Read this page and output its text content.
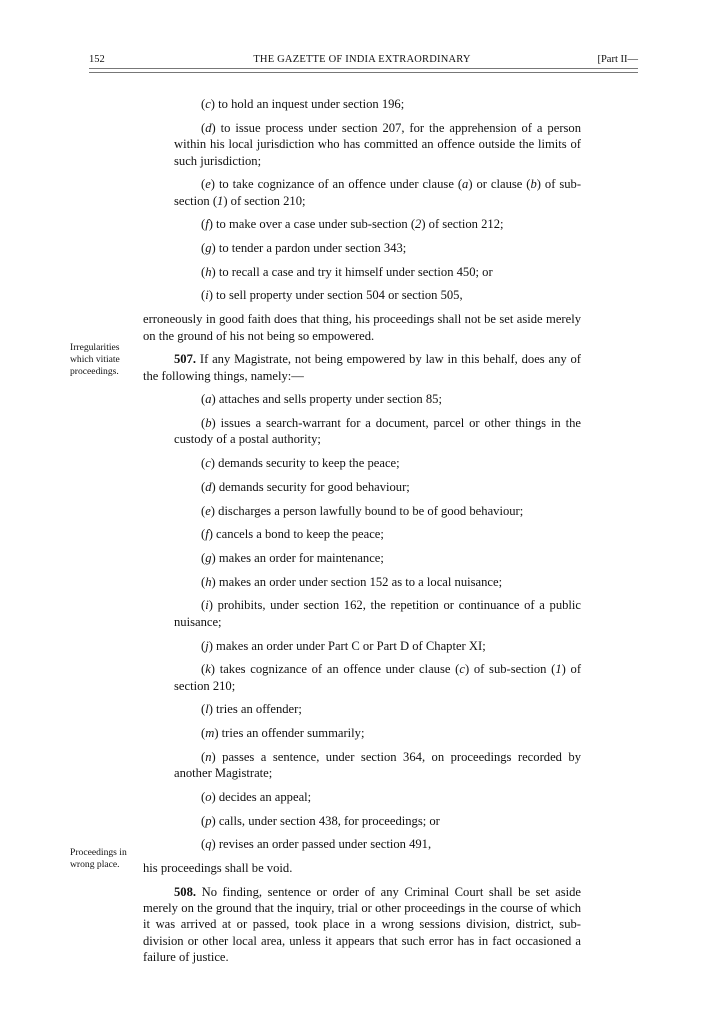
152	THE GAZETTE OF INDIA EXTRAORDINARY	[Part II—
Irregularities which vitiate proceedings.
Proceedings in wrong place.

(c) to hold an inquest under section 196;

(d) to issue process under section 207, for the apprehension of a person within his local jurisdiction who has committed an offence outside the limits of such jurisdiction;

(e) to take cognizance of an offence under clause (a) or clause (b) of sub-section (1) of section 210;

(f) to make over a case under sub-section (2) of section 212;

(g) to tender a pardon under section 343;

(h) to recall a case and try it himself under section 450; or

(i) to sell property under section 504 or section 505,

erroneously in good faith does that thing, his proceedings shall not be set aside merely on the ground of his not being so empowered.

507. If any Magistrate, not being empowered by law in this behalf, does any of the following things, namely:—

(a) attaches and sells property under section 85;

(b) issues a search-warrant for a document, parcel or other things in the custody of a postal authority;

(c) demands security to keep the peace;

(d) demands security for good behaviour;

(e) discharges a person lawfully bound to be of good behaviour;

(f) cancels a bond to keep the peace;

(g) makes an order for maintenance;

(h) makes an order under section 152 as to a local nuisance;

(i) prohibits, under section 162, the repetition or continuance of a public nuisance;

(j) makes an order under Part C or Part D of Chapter XI;

(k) takes cognizance of an offence under clause (c) of sub-section (1) of section 210;

(l) tries an offender;

(m) tries an offender summarily;

(n) passes a sentence, under section 364, on proceedings recorded by another Magistrate;

(o) decides an appeal;

(p) calls, under section 438, for proceedings; or

(q) revises an order passed under section 491,

his proceedings shall be void.

508. No finding, sentence or order of any Criminal Court shall be set aside merely on the ground that the inquiry, trial or other proceedings in the course of which it was arrived at or passed, took place in a wrong sessions division, district, sub-division or other local area, unless it appears that such error has in fact occasioned a failure of justice.
